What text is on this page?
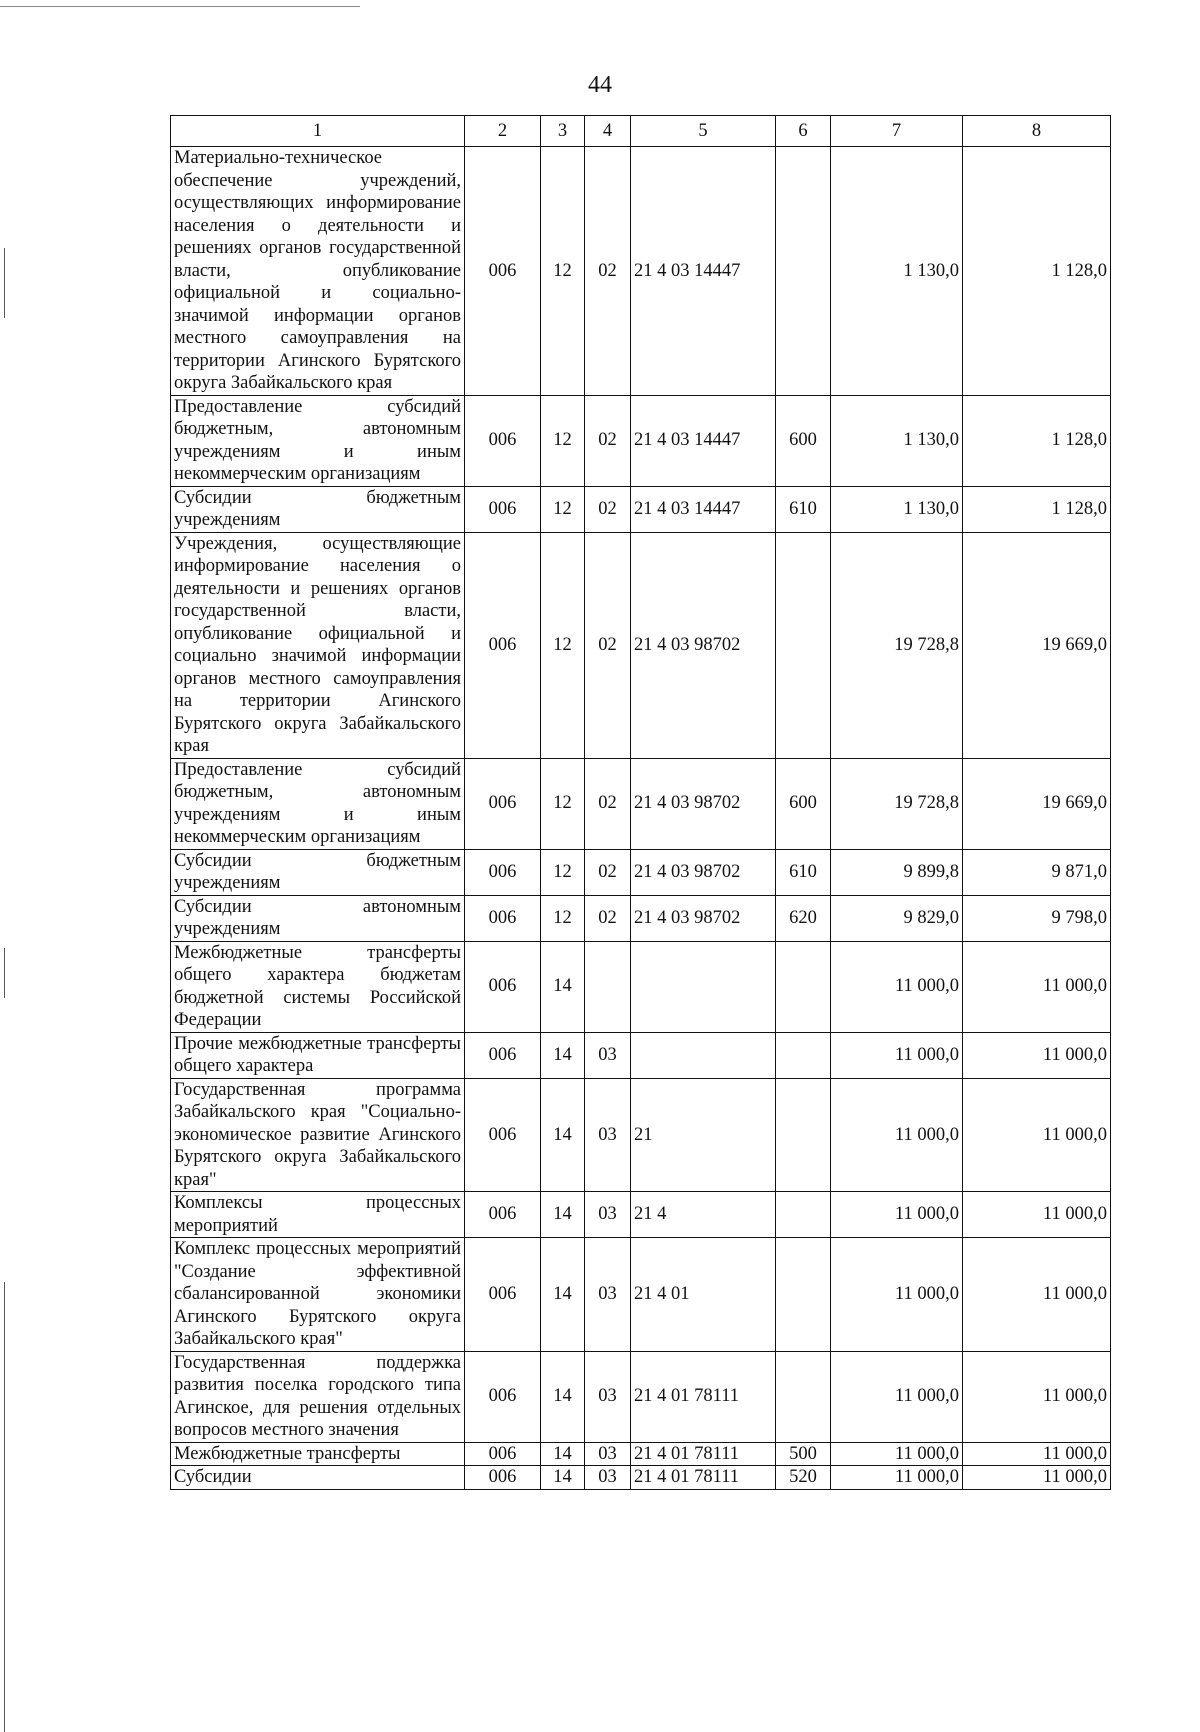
44
1	2	3	4	5	6	7	8
Материально-техническое обеспечение учреждений, осуществляющих информирование населения о деятельности и решениях органов государственной власти, опубликование официальной и социально-значимой информации органов местного самоуправления на территории Агинского Бурятского округа Забайкальского края	006	12	02	21 4 03 14447		1 130,0	1 128,0
Предоставление субсидий бюджетным, автономным учреждениям и иным некоммерческим организациям	006	12	02	21 4 03 14447	600	1 130,0	1 128,0
Субсидии бюджетным учреждениям	006	12	02	21 4 03 14447	610	1 130,0	1 128,0
Учреждения, осуществляющие информирование населения о деятельности и решениях органов государственной власти, опубликование официальной и социально значимой информации органов местного самоуправления на территории Агинского Бурятского округа Забайкальского края	006	12	02	21 4 03 98702		19 728,8	19 669,0
Предоставление субсидий бюджетным, автономным учреждениям и иным некоммерческим организациям	006	12	02	21 4 03 98702	600	19 728,8	19 669,0
Субсидии бюджетным учреждениям	006	12	02	21 4 03 98702	610	9 899,8	9 871,0
Субсидии автономным учреждениям	006	12	02	21 4 03 98702	620	9 829,0	9 798,0
Межбюджетные трансферты общего характера бюджетам бюджетной системы Российской Федерации	006	14				11 000,0	11 000,0
Прочие межбюджетные трансферты общего характера	006	14	03			11 000,0	11 000,0
Государственная программа Забайкальского края "Социально-экономическое развитие Агинского Бурятского округа Забайкальского края"	006	14	03	21		11 000,0	11 000,0
Комплексы процессных мероприятий	006	14	03	21 4		11 000,0	11 000,0
Комплекс процессных мероприятий "Создание эффективной сбалансированной экономики Агинского Бурятского округа Забайкальского края"	006	14	03	21 4 01		11 000,0	11 000,0
Государственная поддержка развития поселка городского типа Агинское, для решения отдельных вопросов местного значения	006	14	03	21 4 01 78111		11 000,0	11 000,0
Межбюджетные трансферты	006	14	03	21 4 01 78111	500	11 000,0	11 000,0
Субсидии	006	14	03	21 4 01 78111	520	11 000,0	11 000,0
